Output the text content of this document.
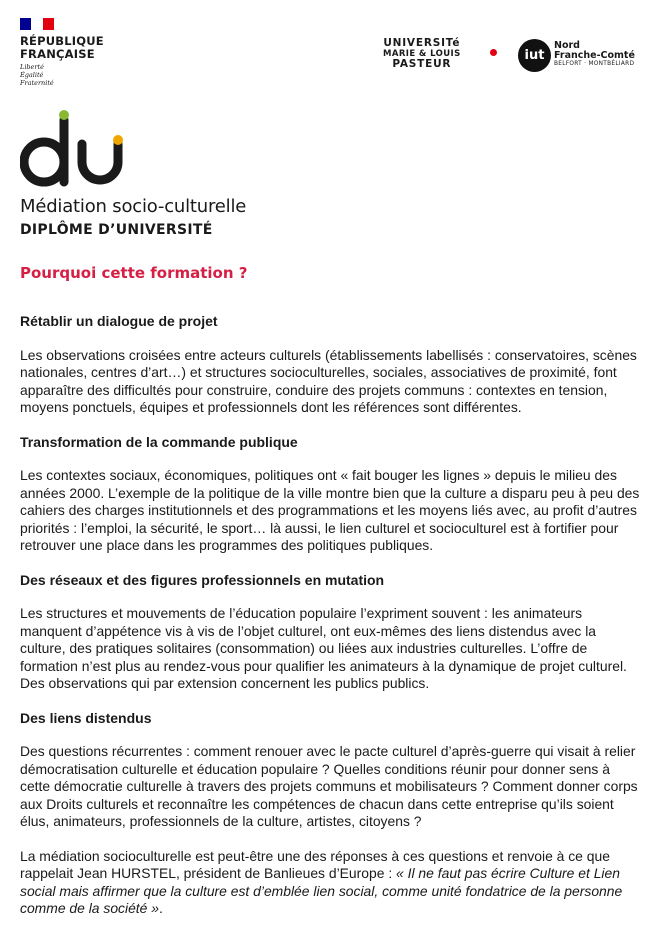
RÉPUBLIQUE
FRANÇAISE
Liberté
Égalité
Fraternité
UNIVERSITé
MARIE & LOUIS
PASTEUR
iut
Nord
Franche-Comté
BELFORT · MONTBÉLIARD
Médiation socio-culturelle
DIPLÔME D’UNIVERSITÉ
Pourquoi cette formation ?
Rétablir un dialogue de projet

Les observations croisées entre acteurs culturels (établissements labellisés : conservatoires, scènes nationales, centres d’art…) et structures socioculturelles, sociales, associatives de proximité, font apparaître des difficultés pour construire, conduire des projets communs : contextes en tension, moyens ponctuels, équipes et professionnels dont les références sont différentes.

Transformation de la commande publique

Les contextes sociaux, économiques, politiques ont « fait bouger les lignes » depuis le milieu des années 2000. L’exemple de la politique de la ville montre bien que la culture a disparu peu à peu des cahiers des charges institutionnels et des programmations et les moyens liés avec, au profit d’autres priorités : l’emploi, la sécurité, le sport… là aussi, le lien culturel et socioculturel est à fortifier pour retrouver une place dans les programmes des politiques publiques.

Des réseaux et des figures professionnels en mutation

Les structures et mouvements de l’éducation populaire l’expriment souvent : les animateurs manquent d’appétence vis à vis de l’objet culturel, ont eux-mêmes des liens distendus avec la culture, des pratiques solitaires (consommation) ou liées aux industries culturelles. L’offre de formation n’est plus au rendez-vous pour qualifier les animateurs à la dynamique de projet culturel. Des observations qui par extension concernent les publics publics.

Des liens distendus

Des questions récurrentes : comment renouer avec le pacte culturel d’après-guerre qui visait à relier démocratisation culturelle et éducation populaire ? Quelles conditions réunir pour donner sens à cette démocratie culturelle à travers des projets communs et mobilisateurs ? Comment donner corps aux Droits culturels et reconnaître les compétences de chacun dans cette entreprise qu’ils soient élus, animateurs, professionnels de la culture, artistes, citoyens ?

La médiation socioculturelle est peut-être une des réponses à ces questions et renvoie à ce que rappelait Jean HURSTEL, président de Banlieues d’Europe : « Il ne faut pas écrire Culture et Lien social mais affirmer que la culture est d’emblée lien social, comme unité fondatrice de la personne comme de la société ».
